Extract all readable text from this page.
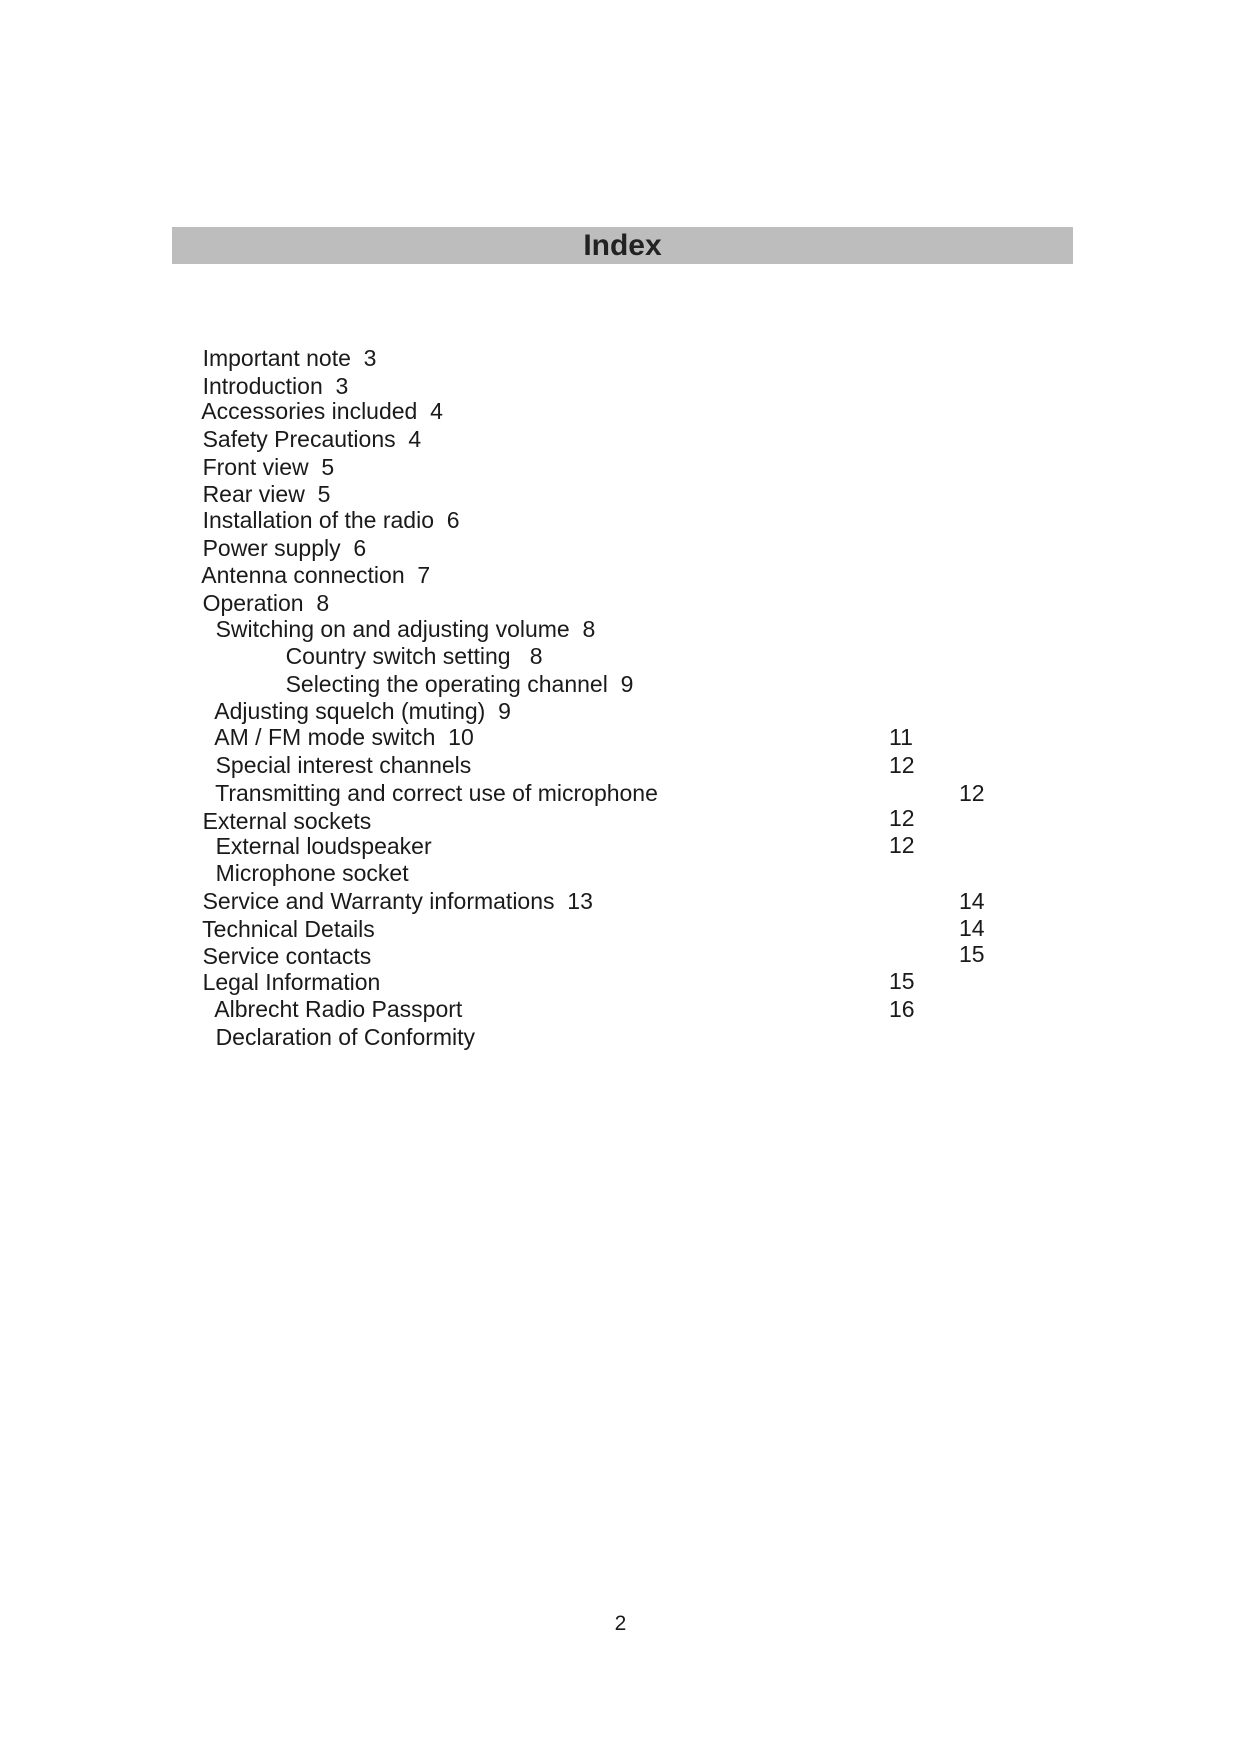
Index

Important note  3

Introduction  3

Accessories included  4

Safety Precautions  4

Front view  5

Rear view  5

Installation of the radio  6

Power supply  6

Antenna connection  7

Operation  8

Switching on and adjusting volume  8

Country switch setting   8

Selecting the operating channel  9

Adjusting squelch (muting)  9

AM / FM mode switch  10

Special interest channels

11

Transmitting and correct use of microphone

12

External sockets

12

External loudspeaker

12

Microphone socket

12

Service and Warranty informations  13

Technical Details

14

Service contacts

14

Legal Information

15

Albrecht Radio Passport

15

Declaration of Conformity

16

2
